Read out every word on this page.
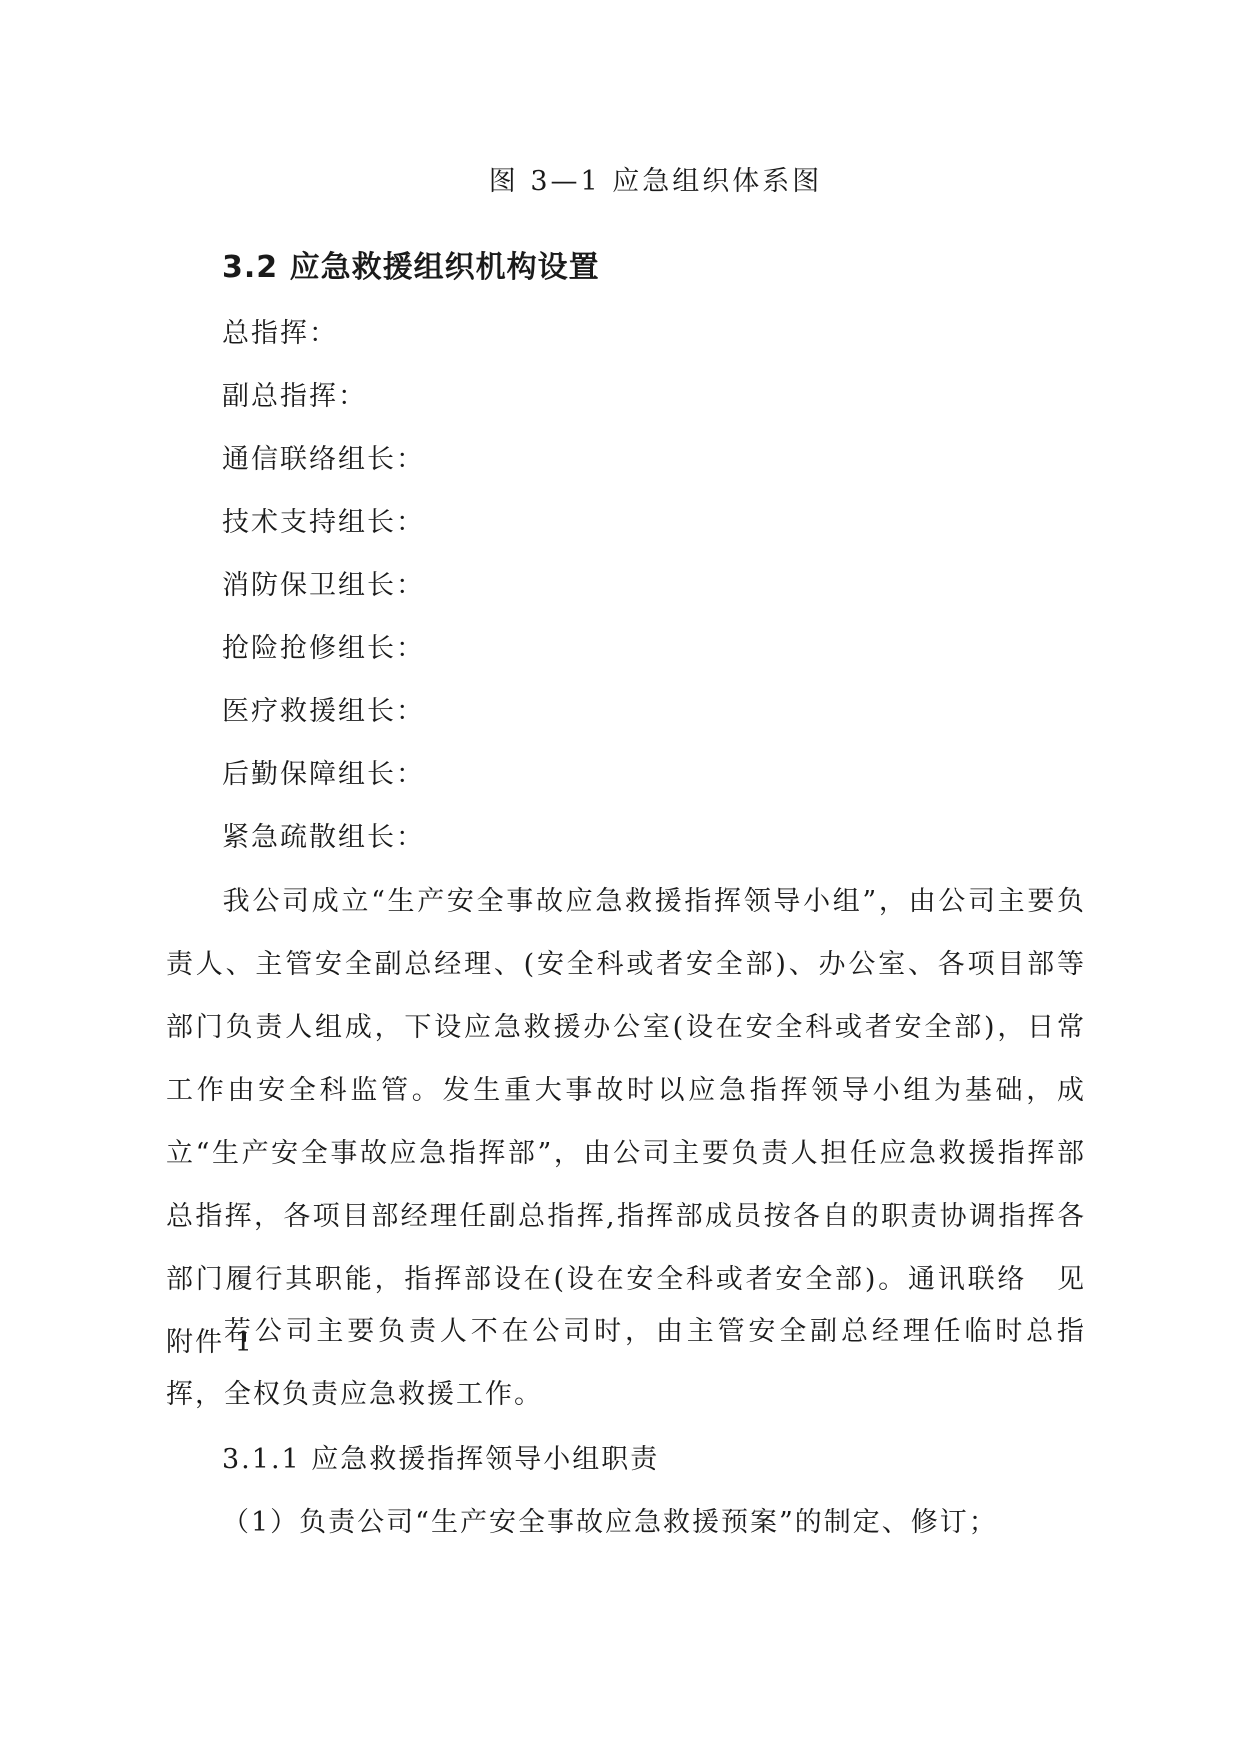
图 3—1 应急组织体系图
3.2 应急救援组织机构设置
总指挥：
副总指挥：
通信联络组长：
技术支持组长：
消防保卫组长：
抢险抢修组长：
医疗救援组长：
后勤保障组长：
紧急疏散组长：

我公司成立“生产安全事故应急救援指挥领导小组”，由公司主要负责人、主管安全副总经理、(安全科或者安全部)、办公室、各项目部等部门负责人组成，下设应急救援办公室(设在安全科或者安全部)，日常工作由安全科监管。发生重大事故时以应急指挥领导小组为基础，成立“生产安全事故应急指挥部”，由公司主要负责人担任应急救援指挥部总指挥，各项目部经理任副总指挥,指挥部成员按各自的职责协调指挥各部门履行其职能，指挥部设在(设在安全科或者安全部)。通讯联络　见附件 1

若公司主要负责人不在公司时，由主管安全副总经理任临时总指挥，全权负责应急救援工作。

3.1.1 应急救援指挥领导小组职责
（1）负责公司“生产安全事故应急救援预案”的制定、修订；
